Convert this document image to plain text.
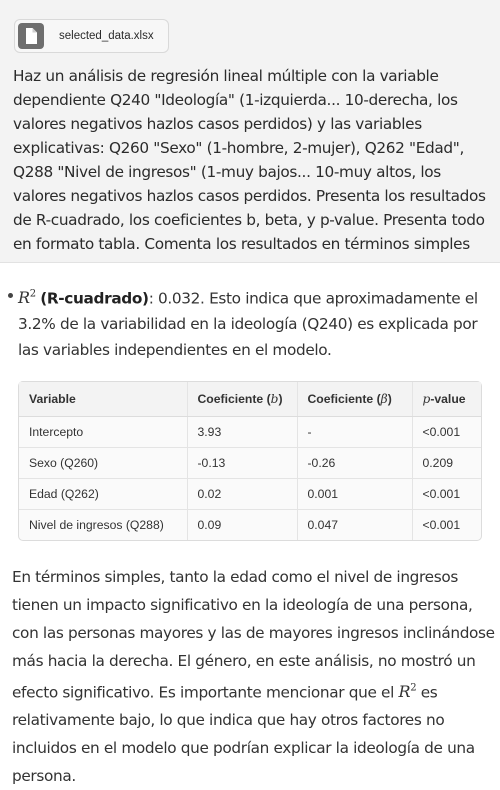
selected_data.xlsx
Haz un análisis de regresión lineal múltiple con la variable dependiente Q240 "Ideología" (1-izquierda... 10-derecha, los valores negativos hazlos casos perdidos) y las variables explicativas: Q260 "Sexo" (1-hombre, 2-mujer), Q262 "Edad", Q288 "Nivel de ingresos" (1-muy bajos... 10-muy altos, los valores negativos hazlos casos perdidos. Presenta los resultados de R-cuadrado, los coeficientes b, beta, y p-value. Presenta todo en formato tabla. Comenta los resultados en términos simples
$R^2$ (R-cuadrado): 0.032. Esto indica que aproximadamente el 3.2% de la variabilidad en la ideología (Q240) es explicada por las variables independientes en el modelo.
Variable	Coeficiente (b)	Coeficiente (β)	p-value
Intercepto	3.93	-	<0.001
Sexo (Q260)	-0.13	-0.26	0.209
Edad (Q262)	0.02	0.001	<0.001
Nivel de ingresos (Q288)	0.09	0.047	<0.001
En términos simples, tanto la edad como el nivel de ingresos tienen un impacto significativo en la ideología de una persona, con las personas mayores y las de mayores ingresos inclinándose más hacia la derecha. El género, en este análisis, no mostró un efecto significativo. Es importante mencionar que el $R^2$ es relativamente bajo, lo que indica que hay otros factores no incluidos en el modelo que podrían explicar la ideología de una persona.
